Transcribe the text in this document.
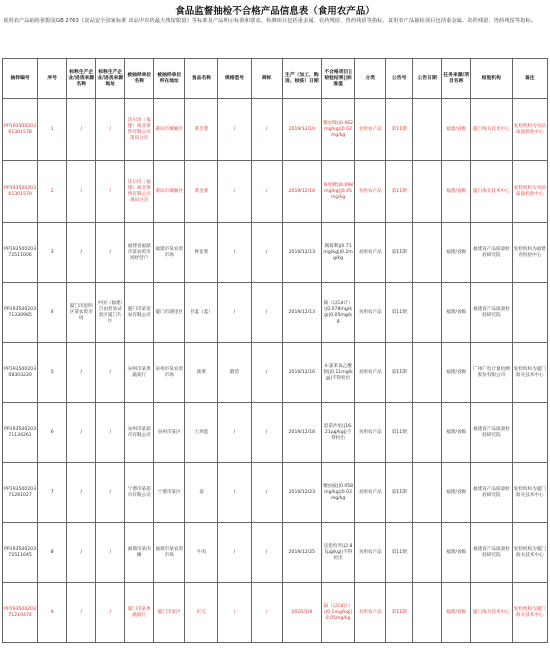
食品监督抽检不合格产品信息表（食用农产品）
食用农产品抽检依据是GB 2763《食品安全国家标准 食品中农药最大残留限量》等标准及产品明示标准和要求。检测项目包括重金属、农药残留、兽药残留等指标，食用农产品抽检项目包括重金属、农药残留、兽药残留等指标。
抽样编号	序号	标称生产企业/进货来源名称	标称生产企业/进货来源地址	被抽样单位名称	被抽样单位所在地址	食品名称	规格型号	商标	生产（加工、购进、检疫）日期	不合格项目||检验结果||标准值	分类	公告号	公告日期	任务来源/项目名称	检验机构	备注
PP19350020361301578	1	/	/	沃尔玛（福建）商业零售有限公司莆田分店	莆田市城厢区	茶苦菜	/	/	2019/12/10	噻虫嗪||0.062mg/kg||0.02mg/kg	食用农产品	第11期		福建/省级	厦门海关技术中心	复检机构为食品质量检验中心
PP19350020361301579	2	/	/	沃尔玛（福建）商业零售有限公司莆田分店	莆田市城厢区	黄金菜	/	/	2019/12/10	毒死蜱||0.098mg/kg||0.05mg/kg	食用农产品	第11期		福建/省级	厦门海关技术中心	复检机构为食品质量检验中心
PP19350020372511006	3	/	/	福建省福鼎市某农贸市场经营户	福鼎市某农贸市场	鲜韭菜	/	/	2019/12/13	腐霉利||0.71mg/kg||0.2mg/kg	食用农产品	第11期		福建/省级	福建省产品质量检验研究院	复检机构为福建省检验中心
PP19350020371330985	4	厦门市思明区某农贸市场	中国（福建）自由贸易试验区厦门片区	厦门市某贸易有限公司	厦门市湖里区	甘蓝（蓝）	/	/	2019/12/13	镉（以Cd计）||0.078mg/kg||0.05mg/kg	食用农产品	第11期		福建/省级	福建省产品质量检验研究院	
PP19350020308303220	5	/	/	泉州市某果蔬商行	泉州市某农贸市场	菠菜	散装	/	2019/12/16	4-氯苯氧乙酸钠||0.11mg/kg||不得检出	食用农产品	第11期		福建/省级	广州广电计量检测股份有限公司	复检机构为厦门海关技术中心
PP19350020371134261	6	/	/	泉州市某超市有限公司	泉州市某区	土鸡蛋	/	/	2019/12/18	恩诺沙星||16.21μg/kg||不得检出	食用农产品	第11期		福建/省级	福建省产品质量检验研究院	
PP19350020371281027	7	/	/	宁德市某超市有限公司	宁德市某区	姜	/	/	2019/12/23	噻虫胺||0.058mg/kg||0.02mg/kg	食用农产品	第11期		福建/省级	福建省产品质量检验研究院	复检机构为厦门海关技术中心
PP19350020372511045	8	/	/	福鼎市某肉摊	福鼎市某农贸市场	牛肉	/	/	2019/12/25	克伦特罗||2.87μg/kg||不得检出	食用农产品	第11期		福建/省级	福建省产品质量检验研究院	复检机构为厦门海关技术中心
PP19350020371210474	9	/	/	厦门市某果蔬商行	厦门市某区	豇豆	/	/	2020/1/8	镉（以Cd计）||0.1mg/kg||0.05mg/kg	食用农产品	第11期		福建/省级	厦门海关技术中心	复检机构为厦门海关技术中心
